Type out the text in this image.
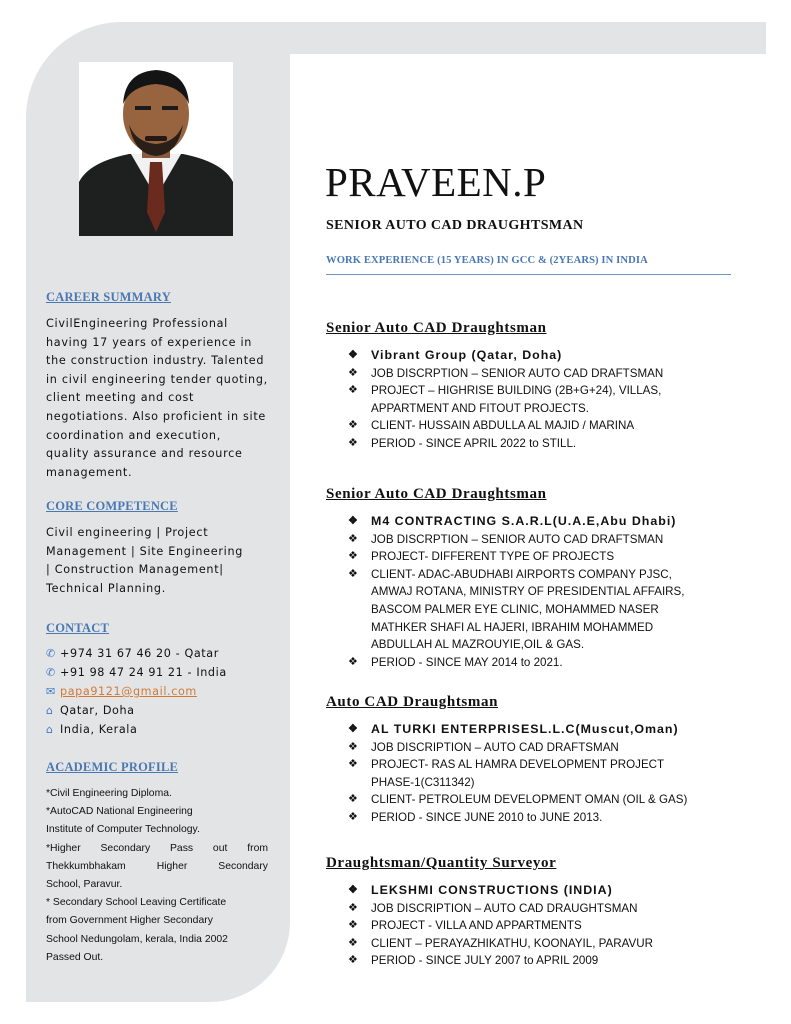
PRAVEEN.P
SENIOR AUTO CAD DRAUGHTSMAN
WORK EXPERIENCE (15 YEARS) IN GCC & (2YEARS) IN INDIA
CAREER SUMMARY
CivilEngineering Professional
having 17 years of experience in
the construction industry. Talented
in civil engineering tender quoting,
client meeting and cost
negotiations. Also proficient in site
coordination and execution,
quality assurance and resource
management.
CORE COMPETENCE
Civil engineering | Project
Management | Site Engineering
| Construction Management|
Technical Planning.
CONTACT
✆ +974 31 67 46 20 - Qatar
✆ +91 98 47 24 91 21 - India
✉ papa9121@gmail.com
⌂ Qatar, Doha
⌂ India, Kerala
ACADEMIC PROFILE

*Civil Engineering Diploma.

*AutoCAD National Engineering

Institute of Computer Technology.

*Higher Secondary Pass out from

Thekkumbhakam Higher Secondary

School, Paravur.

* Secondary School Leaving Certificate

from Government Higher Secondary

School Nedungolam, kerala, India 2002

Passed Out.

Senior Auto CAD Draughtsman
❖ Vibrant Group (Qatar, Doha)
❖ JOB DISCRPTION – SENIOR AUTO CAD DRAFTSMAN
❖ PROJECT – HIGHRISE BUILDING (2B+G+24), VILLAS,
APPARTMENT AND FITOUT PROJECTS.
❖ CLIENT- HUSSAIN ABDULLA AL MAJID / MARINA
❖ PERIOD - SINCE APRIL 2022 to STILL.
Senior Auto CAD Draughtsman
❖ M4 CONTRACTING S.A.R.L(U.A.E,Abu Dhabi)
❖ JOB DISCRPTION – SENIOR AUTO CAD DRAFTSMAN
❖ PROJECT- DIFFERENT TYPE OF PROJECTS
❖ CLIENT- ADAC-ABUDHABI AIRPORTS COMPANY PJSC,
AMWAJ ROTANA, MINISTRY OF PRESIDENTIAL AFFAIRS,
BASCOM PALMER EYE CLINIC, MOHAMMED NASER
MATHKER SHAFI AL HAJERI, IBRAHIM MOHAMMED
ABDULLAH AL MAZROUYIE,OIL & GAS.
❖ PERIOD - SINCE MAY 2014 to 2021.
Auto CAD Draughtsman
❖ AL TURKI ENTERPRISESL.L.C(Muscut,Oman)
❖ JOB DISCRIPTION – AUTO CAD DRAFTSMAN
❖ PROJECT- RAS AL HAMRA DEVELOPMENT PROJECT
PHASE-1(C311342)
❖ CLIENT- PETROLEUM DEVELOPMENT OMAN (OIL & GAS)
❖ PERIOD - SINCE JUNE 2010 to JUNE 2013.
Draughtsman/Quantity Surveyor
❖ LEKSHMI CONSTRUCTIONS (INDIA)
❖ JOB DISCRIPTION – AUTO CAD DRAUGHTSMAN
❖ PROJECT - VILLA AND APPARTMENTS
❖ CLIENT – PERAYAZHIKATHU, KOONAYIL, PARAVUR
❖ PERIOD - SINCE JULY 2007 to APRIL 2009
